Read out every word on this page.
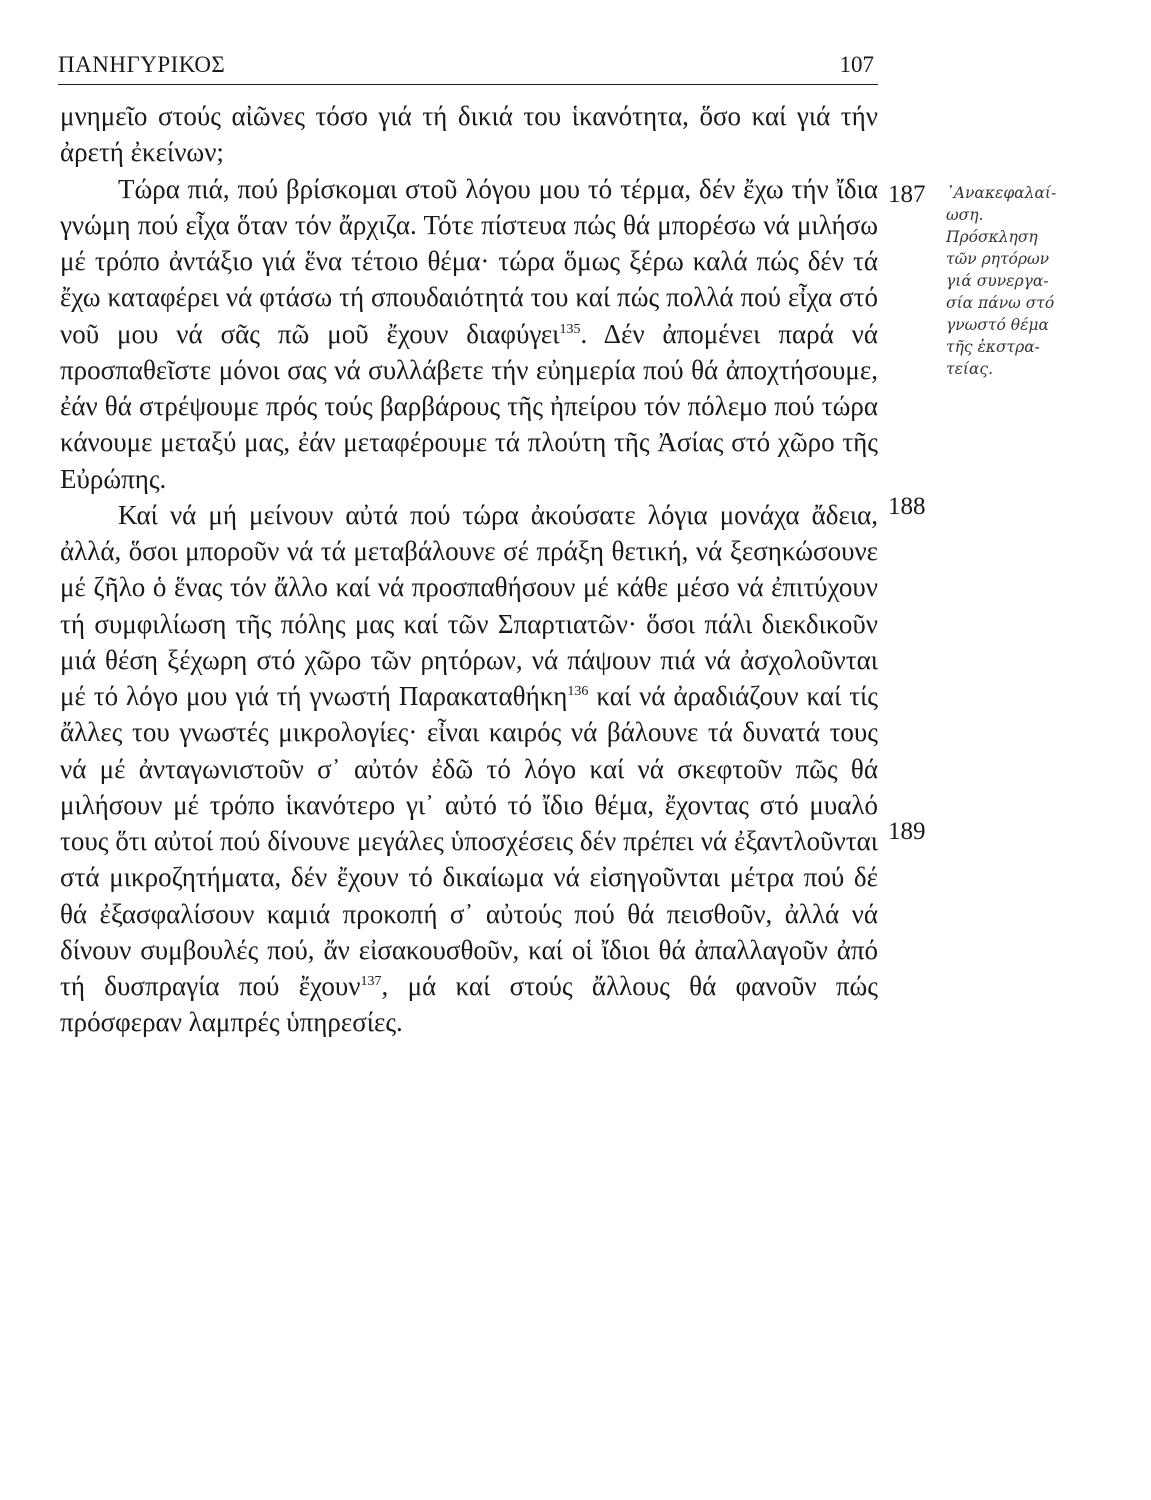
ΠΑΝΗΓΥΡΙΚΟΣ	107

μνημεῖο στούς αἰῶνες τόσο γιά τή δικιά του ἱκανότητα, ὅσο καί γιά τήν ἀρετή ἐκείνων;

Τώρα πιά, πού βρίσκομαι στοῦ λόγου μου τό τέρμα, δέν ἔχω τήν ἴδια γνώμη πού εἶχα ὅταν τόν ἄρχιζα. Τότε πίστευα πώς θά μπορέσω νά μιλήσω μέ τρόπο ἀντάξιο γιά ἕνα τέτοιο θέμα· τώρα ὅμως ξέρω καλά πώς δέν τά ἔχω καταφέρει νά φτάσω τή σπουδαιότητά του καί πώς πολλά πού εἶχα στό νοῦ μου νά σᾶς πῶ μοῦ ἔχουν διαφύγει$^{135}$. Δέν ἀπομένει παρά νά προσπαθεῖστε μόνοι σας νά συλλάβετε τήν εὐημερία πού θά ἀποχτήσουμε, ἐάν θά στρέψουμε πρός τούς βαρβάρους τῆς ἠπείρου τόν πόλεμο πού τώρα κάνουμε μεταξύ μας, ἐάν μεταφέρουμε τά πλούτη τῆς Ἀσίας στό χῶρο τῆς Εὐρώπης.

Καί νά μή μείνουν αὐτά πού τώρα ἀκούσατε λόγια μονάχα ἄδεια, ἀλλά, ὅσοι μποροῦν νά τά μεταβάλουνε σέ πράξη θετική, νά ξεσηκώσουνε μέ ζῆλο ὁ ἕνας τόν ἄλλο καί νά προσπαθήσουν μέ κάθε μέσο νά ἐπιτύχουν τή συμφιλίωση τῆς πόλης μας καί τῶν Σπαρτιατῶν· ὅσοι πάλι διεκδικοῦν μιά θέση ξέχωρη στό χῶρο τῶν ρητόρων, νά πάψουν πιά νά ἀσχολοῦνται μέ τό λόγο μου γιά τή γνωστή Παρακαταθήκη$^{136}$ καί νά ἀραδιάζουν καί τίς ἄλλες του γνωστές μικρολογίες· εἶναι καιρός νά βάλουνε τά δυνατά τους νά μέ ἀνταγωνιστοῦν σ᾿ αὐτόν ἐδῶ τό λόγο καί νά σκεφτοῦν πῶς θά μιλήσουν μέ τρόπο ἱκανότερο γι᾿ αὐτό τό ἴδιο θέμα, ἔχοντας στό μυαλό τους ὅτι αὐτοί πού δίνουνε μεγάλες ὑποσχέσεις δέν πρέπει νά ἐξαντλοῦνται στά μικροζητήματα, δέν ἔχουν τό δικαίωμα νά εἰσηγοῦνται μέτρα πού δέ θά ἐξασφαλίσουν καμιά προκοπή σ᾿ αὐτούς πού θά πεισθοῦν, ἀλλά νά δίνουν συμβουλές πού, ἄν εἰσακουσθοῦν, καί οἱ ἴδιοι θά ἀπαλλαγοῦν ἀπό τή δυσπραγία πού ἔχουν$^{137}$, μά καί στούς ἄλλους θά φανοῦν πώς πρόσφεραν λαμπρές ὑπηρεσίες.

187
188
189
᾿Ανακεφαλαί-
ωση.
Πρόσκληση
τῶν ρητόρων
γιά συνεργα-
σία πάνω στό
γνωστό θέμα
τῆς ἐκστρα-
τείας.
